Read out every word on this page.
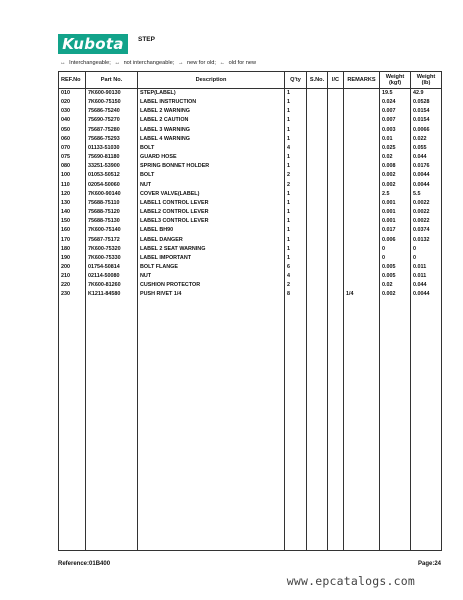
Kubota	STEP
↔ Interchangeable; ↔ not interchangeable; → new for old; ← old for new
REF.No	Part No.	Description	Q'ty	S.No.	I/C	REMARKS	Weight (kgf)	Weight (lb)
010	7K600-90130	STEP(LABEL)	1				19.5	42.9
020	7K600-75150	LABEL INSTRUCTION	1				0.024	0.0528
030	75686-75240	LABEL 2 WARNING	1				0.007	0.0154
040	75690-75270	LABEL 2 CAUTION	1				0.007	0.0154
050	75687-75280	LABEL 3 WARNING	1				0.003	0.0066
060	75686-75293	LABEL 4 WARNING	1				0.01	0.022
070	01133-51030	BOLT	4				0.025	0.055
075	75690-81180	GUARD HOSE	1				0.02	0.044
080	33251-53900	SPRING BONNET HOLDER	1				0.008	0.0176
100	01053-50512	BOLT	2				0.002	0.0044
110	02054-50060	NUT	2				0.002	0.0044
120	7K600-90140	COVER VALVE(LABEL)	1				2.5	5.5
130	75688-75110	LABEL1 CONTROL LEVER	1				0.001	0.0022
140	75688-75120	LABEL2 CONTROL LEVER	1				0.001	0.0022
150	75688-75130	LABEL3 CONTROL LEVER	1				0.001	0.0022
160	7K600-75140	LABEL BH90	1				0.017	0.0374
170	75687-75172	LABEL DANGER	1				0.006	0.0132
180	7K600-75320	LABEL 2 SEAT WARNING	1				0	0
190	7K600-75330	LABEL IMPORTANT	1				0	0
200	01754-50814	BOLT FLANGE	6				0.005	0.011
210	02114-50080	NUT	4				0.005	0.011
220	7K600-81260	CUSHION PROTECTOR	2				0.02	0.044
230	K1211-84580	PUSH RIVET 1/4	8			1/4	0.002	0.0044

Reference:01B400	Page:24
www.epcatalogs.com
